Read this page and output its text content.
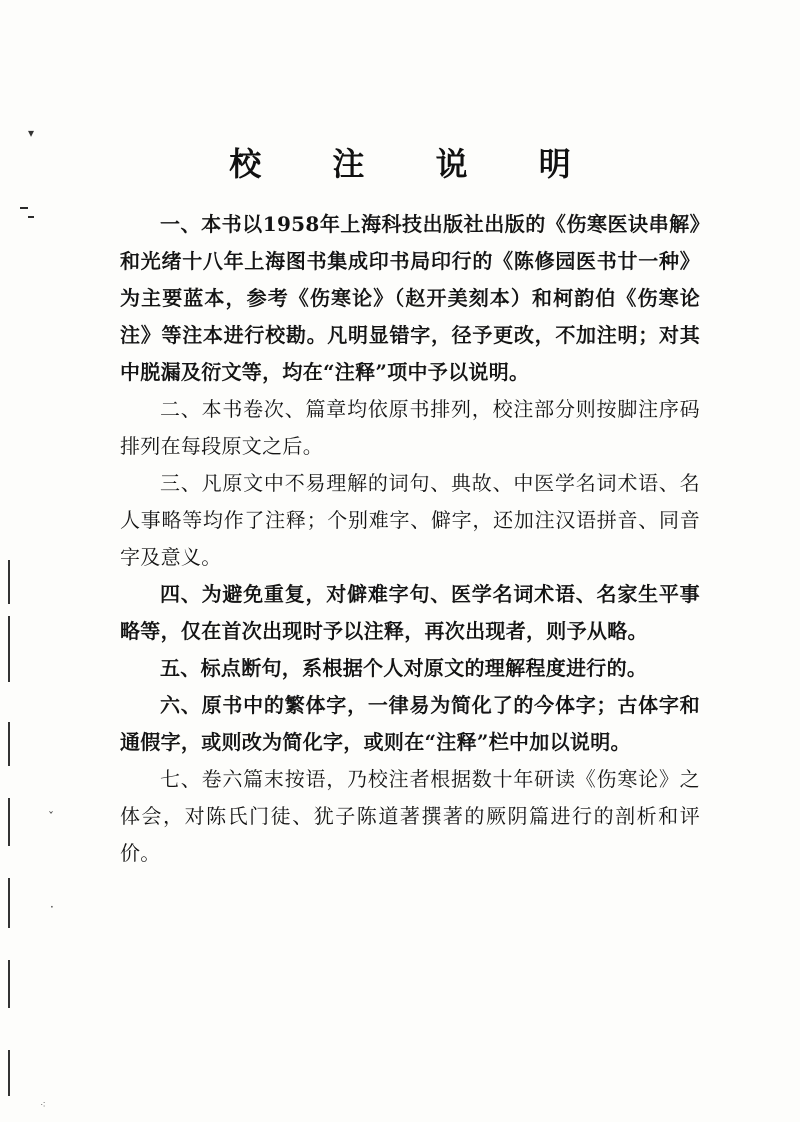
▾
ˇ
·
⁖
校 注 说 明

一、本书以1958年上海科技出版社出版的《伤寒医诀串解》和光绪十八年上海图书集成印书局印行的《陈修园医书廿一种》为主要蓝本，参考《伤寒论》（赵开美刻本）和柯韵伯《伤寒论注》等注本进行校勘。凡明显错字，径予更改，不加注明；对其中脱漏及衍文等，均在“注释”项中予以说明。

二、本书卷次、篇章均依原书排列，校注部分则按脚注序码排列在每段原文之后。

三、凡原文中不易理解的词句、典故、中医学名词术语、名人事略等均作了注释；个别难字、僻字，还加注汉语拼音、同音字及意义。

四、为避免重复，对僻难字句、医学名词术语、名家生平事略等，仅在首次出现时予以注释，再次出现者，则予从略。

五、标点断句，系根据个人对原文的理解程度进行的。

六、原书中的繁体字，一律易为简化了的今体字；古体字和通假字，或则改为简化字，或则在“注释”栏中加以说明。

七、卷六篇末按语，乃校注者根据数十年研读《伤寒论》之体会，对陈氏门徒、犹子陈道著撰著的厥阴篇进行的剖析和评价。
